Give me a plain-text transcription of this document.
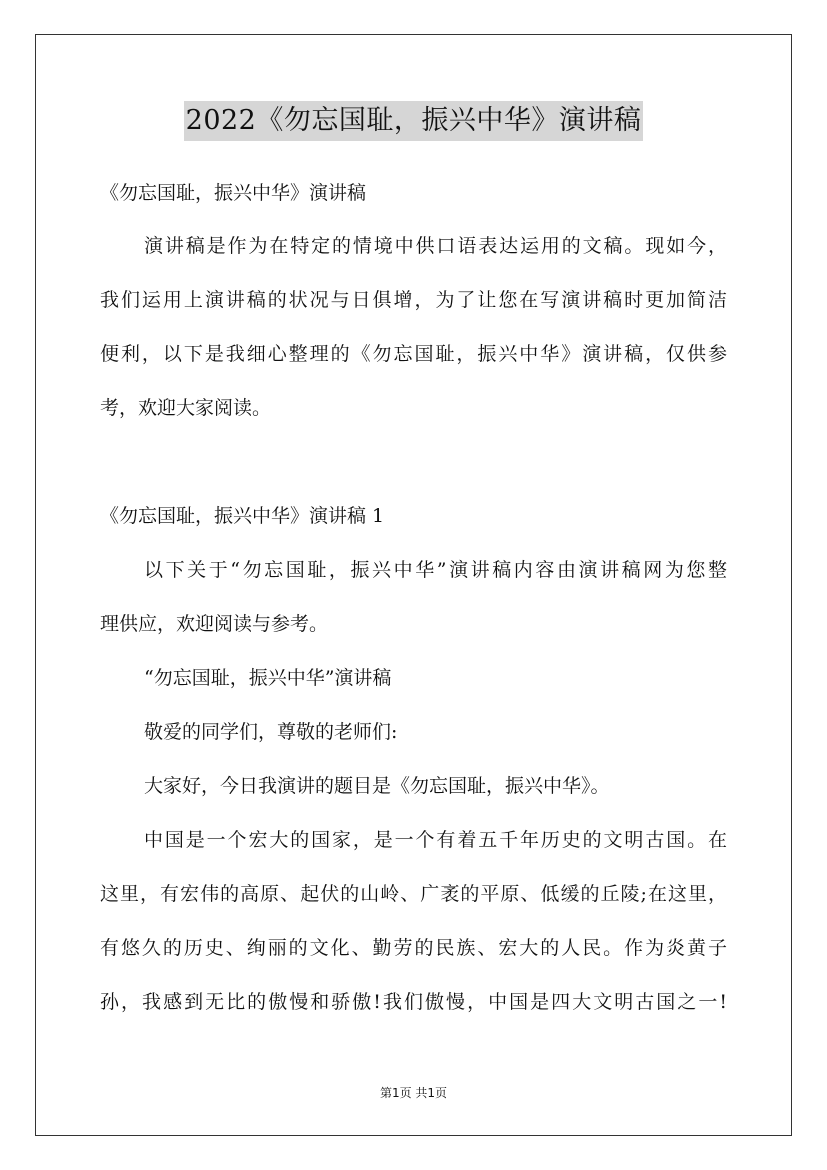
2022《勿忘国耻，振兴中华》演讲稿
《勿忘国耻，振兴中华》演讲稿
演讲稿是作为在特定的情境中供口语表达运用的文稿。现如今，
我们运用上演讲稿的状况与日俱增，为了让您在写演讲稿时更加简洁
便利，以下是我细心整理的《勿忘国耻，振兴中华》演讲稿，仅供参
考，欢迎大家阅读。
《勿忘国耻，振兴中华》演讲稿 1
以下关于“勿忘国耻，振兴中华”演讲稿内容由演讲稿网为您整
理供应，欢迎阅读与参考。
“勿忘国耻，振兴中华”演讲稿
敬爱的同学们，尊敬的老师们:
大家好，今日我演讲的题目是《勿忘国耻，振兴中华》。
中国是一个宏大的国家，是一个有着五千年历史的文明古国。在
这里，有宏伟的高原、起伏的山岭、广袤的平原、低缓的丘陵;在这里，
有悠久的历史、绚丽的文化、勤劳的民族、宏大的人民。作为炎黄子
孙，我感到无比的傲慢和骄傲!我们傲慢，中国是四大文明古国之一!
第1页 共1页
